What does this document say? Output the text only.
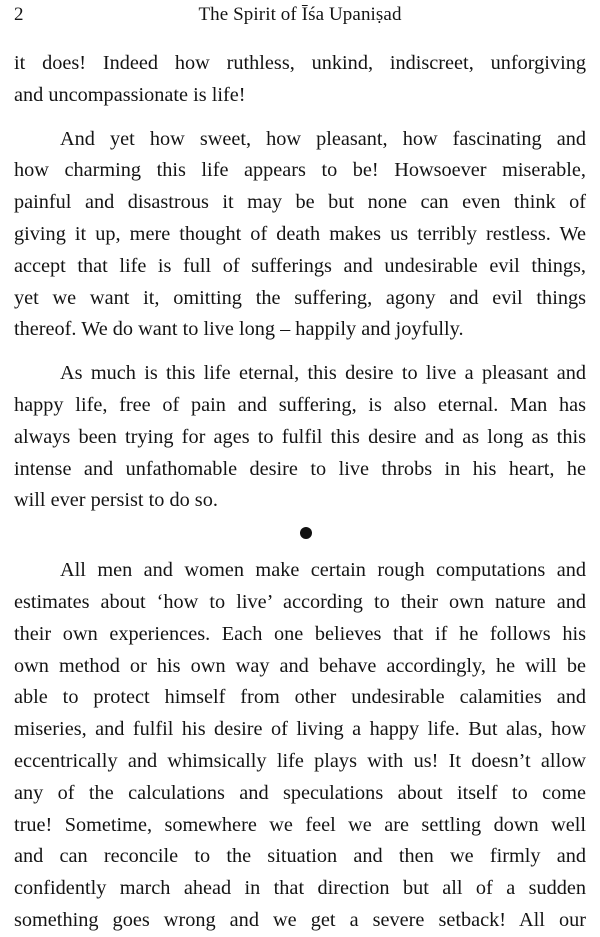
2	The Spirit of Īśa Upaniṣad

it does! Indeed how ruthless, unkind, indiscreet, unforgiving
and uncompassionate is life!

And yet how sweet, how pleasant, how fascinating and
how charming this life appears to be! Howsoever miserable,
painful and disastrous it may be but none can even think of
giving it up, mere thought of death makes us terribly restless. We
accept that life is full of sufferings and undesirable evil things,
yet we want it, omitting the suffering, agony and evil things
thereof. We do want to live long – happily and joyfully.

As much is this life eternal, this desire to live a pleasant and
happy life, free of pain and suffering, is also eternal. Man has
always been trying for ages to fulfil this desire and as long as this
intense and unfathomable desire to live throbs in his heart, he
will ever persist to do so.

All men and women make certain rough computations and
estimates about ‘how to live’ according to their own nature and
their own experiences. Each one believes that if he follows his
own method or his own way and behave accordingly, he will be
able to protect himself from other undesirable calamities and
miseries, and fulfil his desire of living a happy life. But alas, how
eccentrically and whimsically life plays with us! It doesn’t allow
any of the calculations and speculations about itself to come
true! Sometime, somewhere we feel we are settling down well
and can reconcile to the situation and then we firmly and
confidently march ahead in that direction but all of a sudden
something goes wrong and we get a severe setback! All our
